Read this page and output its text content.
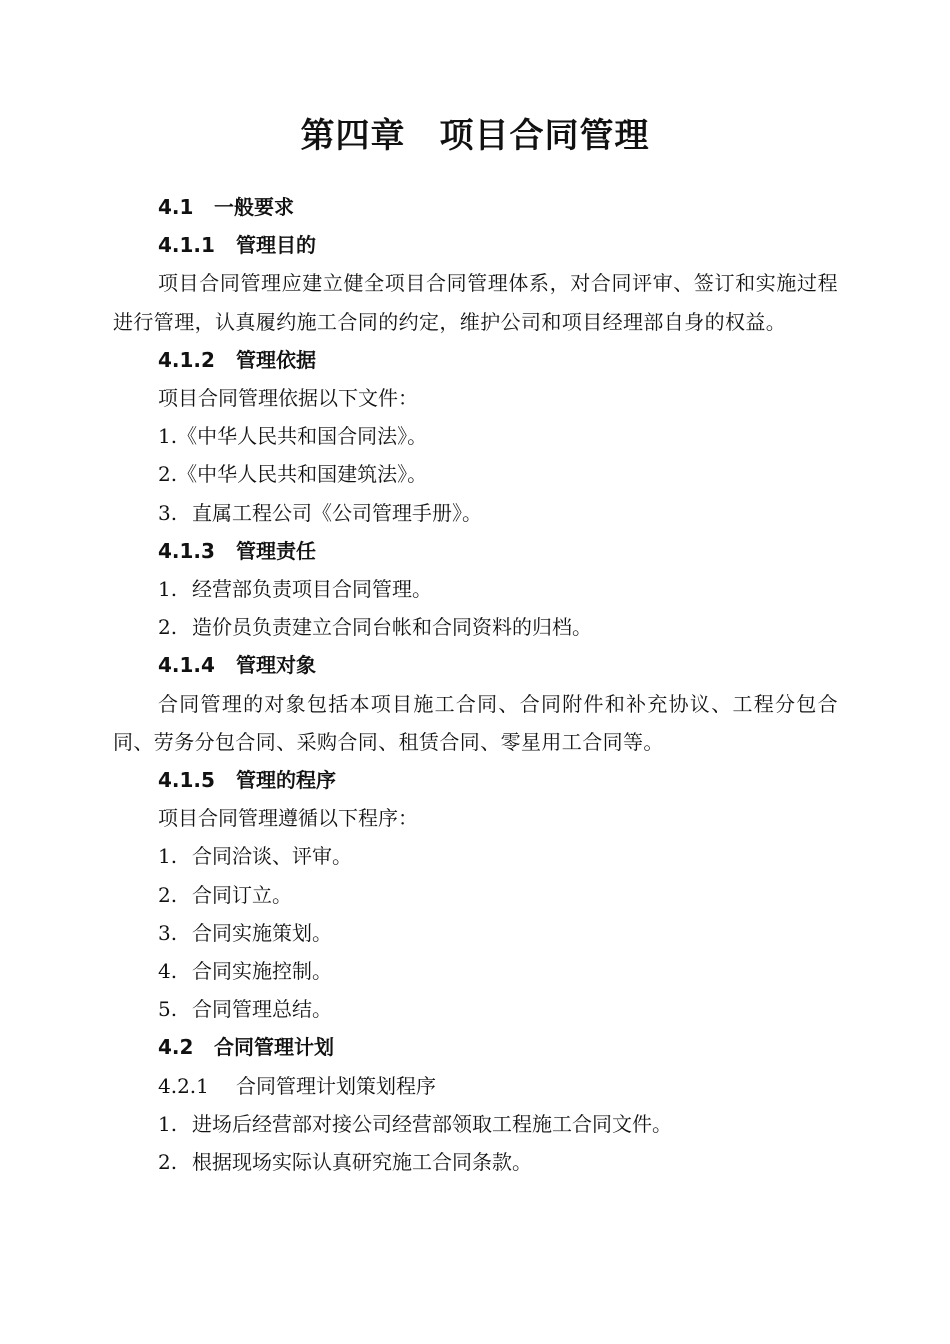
第四章 项目合同管理
4.1 一般要求
4.1.1 管理目的
项目合同管理应建立健全项目合同管理体系，对合同评审、签订和实施过程进行管理，认真履约施工合同的约定，维护公司和项目经理部自身的权益。
4.1.2 管理依据
项目合同管理依据以下文件：
1.《中华人民共和国合同法》。
2.《中华人民共和国建筑法》。
3. 直属工程公司《公司管理手册》。
4.1.3 管理责任
1. 经营部负责项目合同管理。
2. 造价员负责建立合同台帐和合同资料的归档。
4.1.4 管理对象
合同管理的对象包括本项目施工合同、合同附件和补充协议、工程分包合同、劳务分包合同、采购合同、租赁合同、零星用工合同等。
4.1.5 管理的程序
项目合同管理遵循以下程序：
1. 合同洽谈、评审。
2. 合同订立。
3. 合同实施策划。
4. 合同实施控制。
5. 合同管理总结。
4.2 合同管理计划
4.2.1 合同管理计划策划程序
1. 进场后经营部对接公司经营部领取工程施工合同文件。
2. 根据现场实际认真研究施工合同条款。
